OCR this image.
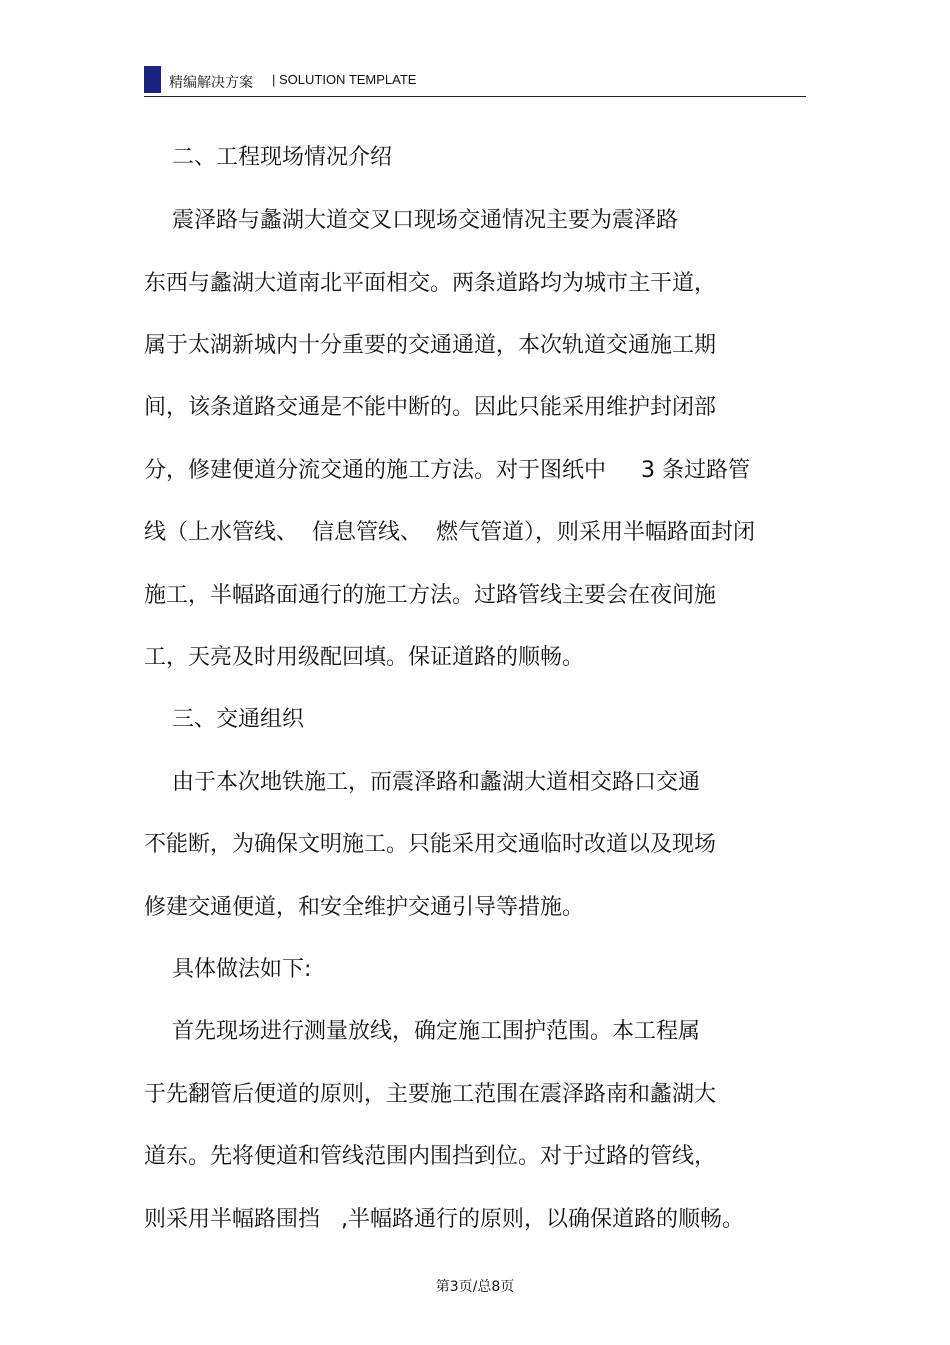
精编解决方案 | SOLUTION TEMPLATE
二、工程现场情况介绍
震泽路与蠡湖大道交叉口现场交通情况主要为震泽路
东西与蠡湖大道南北平面相交。两条道路均为城市主干道，
属于太湖新城内十分重要的交通通道，本次轨道交通施工期
间，该条道路交通是不能中断的。因此只能采用维护封闭部
分，修建便道分流交通的施工方法。对于图纸中     3 条过路管
线（上水管线、  信息管线、  燃气管道），则采用半幅路面封闭
施工，半幅路面通行的施工方法。过路管线主要会在夜间施
工，天亮及时用级配回填。保证道路的顺畅。
三、交通组织
由于本次地铁施工，而震泽路和蠡湖大道相交路口交通
不能断，为确保文明施工。只能采用交通临时改道以及现场
修建交通便道，和安全维护交通引导等措施。
具体做法如下:
首先现场进行测量放线，确定施工围护范围。本工程属
于先翻管后便道的原则，主要施工范围在震泽路南和蠡湖大
道东。先将便道和管线范围内围挡到位。对于过路的管线，
则采用半幅路围挡   ,半幅路通行的原则，以确保道路的顺畅。
第3页/总8页
